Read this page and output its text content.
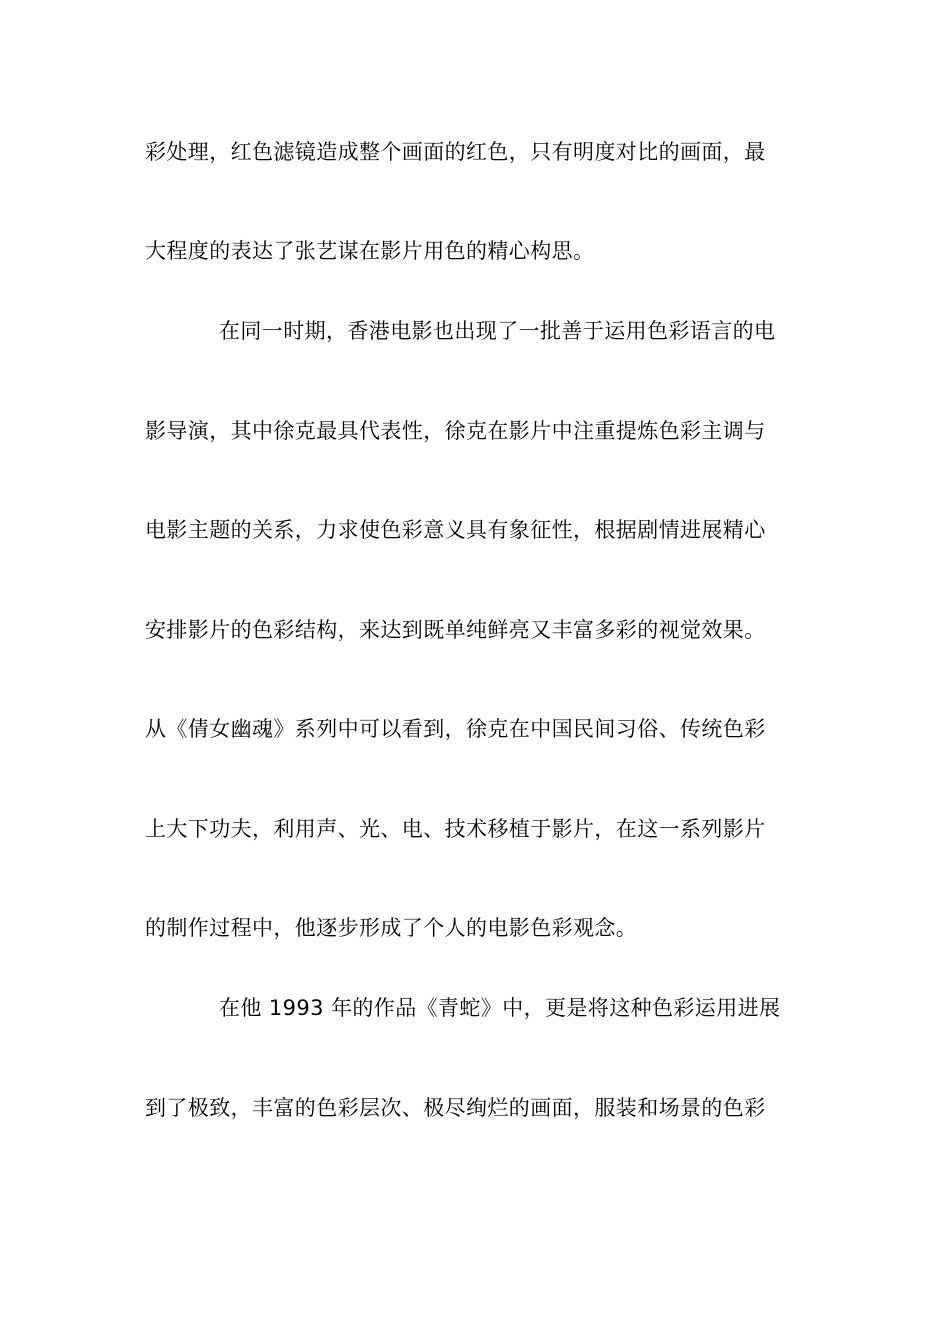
彩处理，红色滤镜造成整个画面的红色，只有明度对比的画面，最
大程度的表达了张艺谋在影片用色的精心构思。
在同一时期，香港电影也出现了一批善于运用色彩语言的电
影导演，其中徐克最具代表性，徐克在影片中注重提炼色彩主调与
电影主题的关系，力求使色彩意义具有象征性，根据剧情进展精心
安排影片的色彩结构，来达到既单纯鲜亮又丰富多彩的视觉效果。
从《倩女幽魂》系列中可以看到，徐克在中国民间习俗、传统色彩
上大下功夫，利用声、光、电、技术移植于影片，在这一系列影片
的制作过程中，他逐步形成了个人的电影色彩观念。
在他 1993 年的作品《青蛇》中，更是将这种色彩运用进展
到了极致，丰富的色彩层次、极尽绚烂的画面，服装和场景的色彩
